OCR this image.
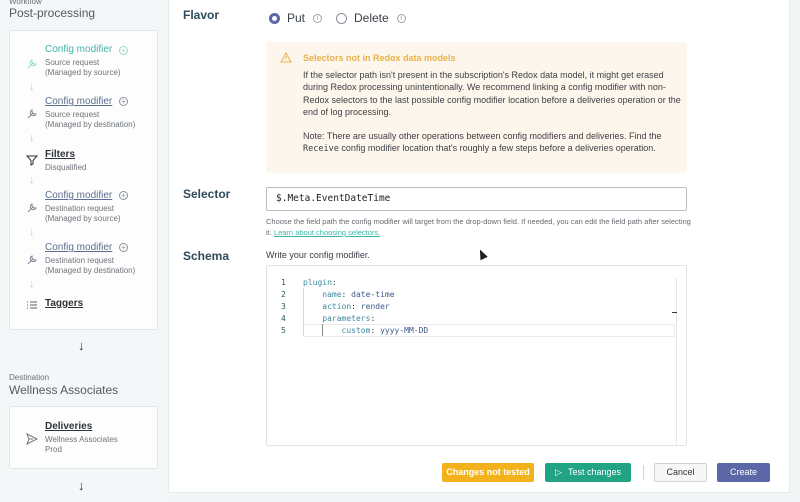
Workflow
Post-processing
Config modifier +
Source request
(Managed by source)
↓
Config modifier +
Source request
(Managed by destination)
↓
Filters
Disqualified
↓
Config modifier +
Destination request
(Managed by source)
↓
Config modifier +
Destination request
(Managed by destination)
↓
Taggers
↓
Destination
Wellness Associates
Deliveries
Wellness Associates
Prod
↓
Flavor	Put	i	Delete	i
Selectors not in Redox data models
If the selector path isn't present in the subscription's Redox data model, it might get erased during Redox processing unintentionally. We recommend linking a config modifier with non-Redox selectors to the last possible config modifier location before a deliveries operation or the end of log processing.
Note: There are usually other operations between config modifiers and deliveries. Find the Receive config modifier location that's roughly a few steps before a deliveries operation.
Selector	$.Meta.EventDateTime
Choose the field path the config modifier will target from the drop-down field. If needed, you can edit the field path after selecting it. Learn about choosing selectors.
Schema	Write your config modifier.
1	plugin:
2	name: date-time
3	action: render
4	parameters:
5	custom: yyyy-MM-DD
Changes not tested	▷ Test changes	Cancel	Create
